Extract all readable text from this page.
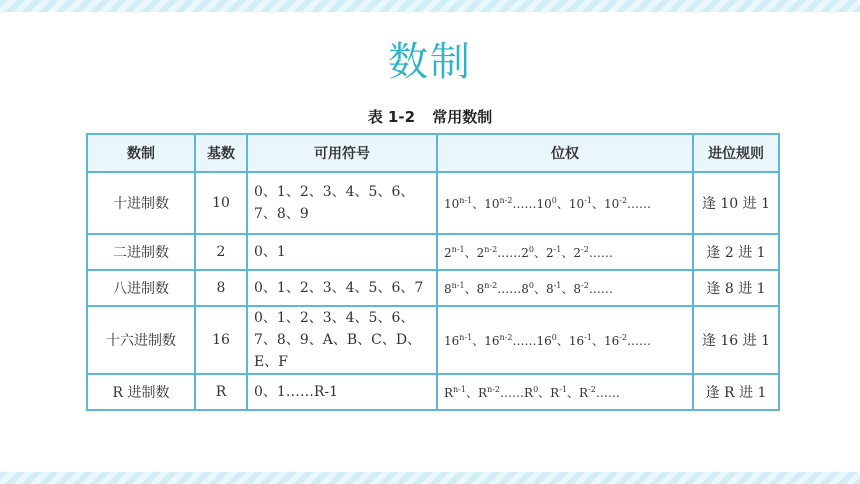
数制
表 1-2 常用数制
数制	基数	可用符号	位权	进位规则
十进制数	10	0、1、2、3、4、5、6、7、8、9	10$^{n-1}$、$10^{n-2}\dots\dots 10^0$、$10^{-1}$、$10^{-2}\dots\dots$	逢 10 进 1
二进制数	2	0、1	2$^{n-1}$、$2^{n-2}\dots\dots 2^0$、$2^{-1}$、$2^{-2}\dots\dots$	逢 2 进 1
八进制数	8	0、1、2、3、4、5、6、7	8$^{n-1}$、$8^{n-2}\dots\dots 8^0$、$8^{-1}$、$8^{-2}\dots\dots$	逢 8 进 1
十六进制数	16	0、1、2、3、4、5、6、7、8、9、A、B、C、D、E、F	16$^{n-1}$、$16^{n-2}\dots\dots 16^0$、$16^{-1}$、$16^{-2}\dots\dots$	逢 16 进 1
R 进制数	R	0、1……R-1	$R^{n-1}$、$R^{n-2}\dots\dots R^0$、$R^{-1}$、$R^{-2}\dots\dots$	逢 R 进 1
